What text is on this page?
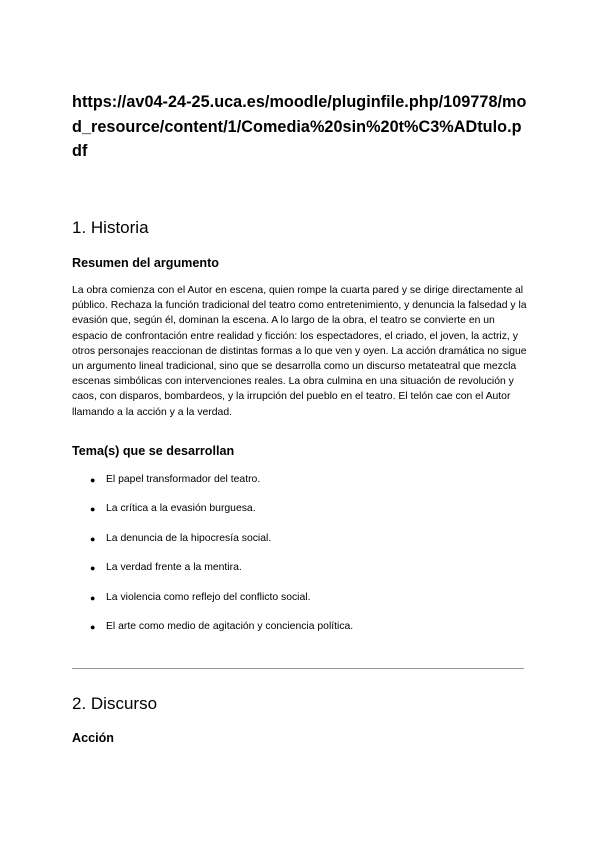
https://av04-24-25.uca.es/moodle/pluginfile.php/109778/mod_resource/content/1/Comedia%20sin%20t%C3%ADtulo.pdf

1. Historia
Resumen del argumento

La obra comienza con el Autor en escena, quien rompe la cuarta pared y se dirige directamente al público. Rechaza la función tradicional del teatro como entretenimiento, y denuncia la falsedad y la evasión que, según él, dominan la escena. A lo largo de la obra, el teatro se convierte en un espacio de confrontación entre realidad y ficción: los espectadores, el criado, el joven, la actriz, y otros personajes reaccionan de distintas formas a lo que ven y oyen. La acción dramática no sigue un argumento lineal tradicional, sino que se desarrolla como un discurso metateatral que mezcla escenas simbólicas con intervenciones reales. La obra culmina en una situación de revolución y caos, con disparos, bombardeos, y la irrupción del pueblo en el teatro. El telón cae con el Autor llamando a la acción y a la verdad.

Tema(s) que se desarrollan
● El papel transformador del teatro.
● La crítica a la evasión burguesa.
● La denuncia de la hipocresía social.
● La verdad frente a la mentira.
● La violencia como reflejo del conflicto social.
● El arte como medio de agitación y conciencia política.
2. Discurso
Acción
